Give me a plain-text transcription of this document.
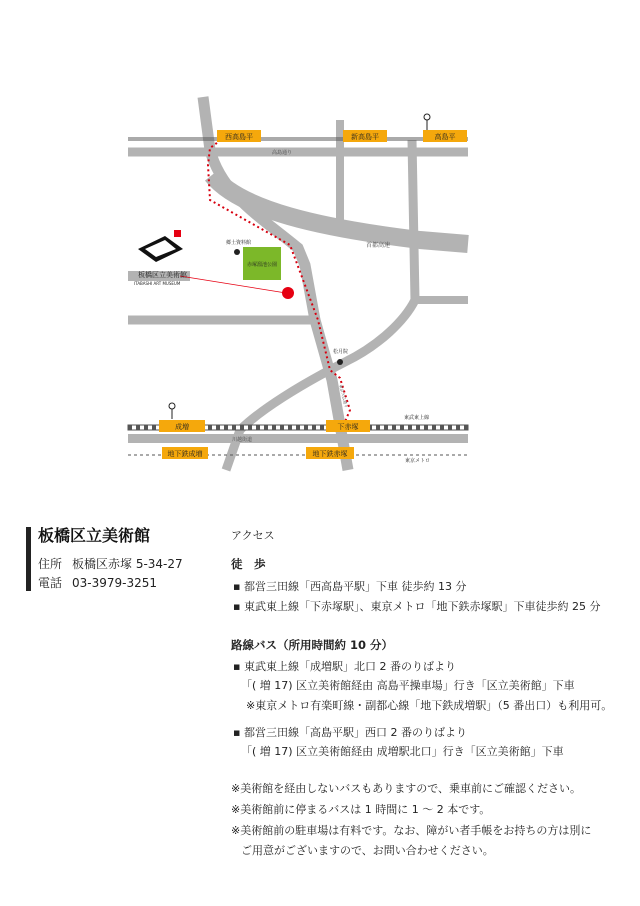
赤塚溜池公園
郷土資料館
松月院
板橋区立美術館
ITABASHI ART MUSEUM
高島通り
首都高速
川越街道
東京大仏通り
東武東上線
東京メトロ
西高島平	新高島平	高島平
成増	下赤塚
地下鉄成増	地下鉄赤塚
板橋区立美術館
住所 板橋区赤塚 5-34-27
電話 03-3979-3251
アクセス
徒　歩
▪ 都営三田線「西高島平駅」下車 徒歩約 13 分
▪ 東武東上線「下赤塚駅」、東京メトロ「地下鉄赤塚駅」下車徒歩約 25 分
路線バス（所用時間約 10 分）
▪ 東武東上線「成増駅」北口 2 番のりばより
「( 増 17) 区立美術館経由 高島平操車場」行き「区立美術館」下車
※東京メトロ有楽町線・副都心線「地下鉄成増駅」（5 番出口）も利用可。
▪ 都営三田線「高島平駅」西口 2 番のりばより
「( 増 17) 区立美術館経由 成増駅北口」行き「区立美術館」下車
※美術館を経由しないバスもありますので、乗車前にご確認ください。
※美術館前に停まるバスは 1 時間に 1 〜 2 本です。
※美術館前の駐車場は有料です。なお、障がい者手帳をお持ちの方は別に
ご用意がございますので、お問い合わせください。
